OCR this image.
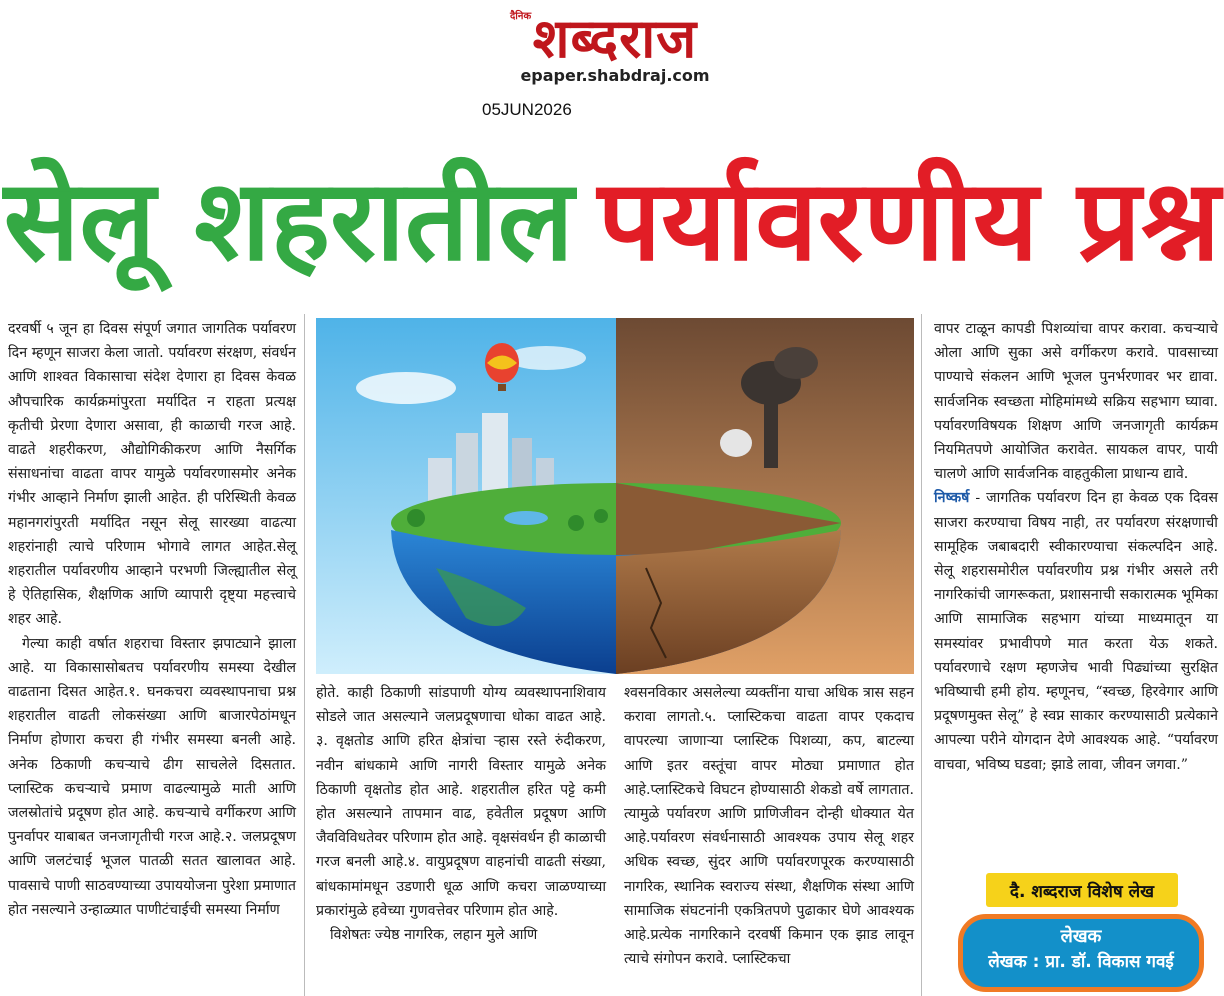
दैनिक शब्दराज
epaper.shabdraj.com
05JUN2026
सेलू शहरातील पर्यावरणीय प्रश्न

दरवर्षी ५ जून हा दिवस संपूर्ण जगात जागतिक पर्यावरण दिन म्हणून साजरा केला जातो. पर्यावरण संरक्षण, संवर्धन आणि शाश्वत विकासाचा संदेश देणारा हा दिवस केवळ औपचारिक कार्यक्रमांपुरता मर्यादित न राहता प्रत्यक्ष कृतीची प्रेरणा देणारा असावा, ही काळाची गरज आहे. वाढते शहरीकरण, औद्योगिकीकरण आणि नैसर्गिक संसाधनांचा वाढता वापर यामुळे पर्यावरणासमोर अनेक गंभीर आव्हाने निर्माण झाली आहेत. ही परिस्थिती केवळ महानगरांपुरती मर्यादित नसून सेलू सारख्या वाढत्या शहरांनाही त्याचे परिणाम भोगावे लागत आहेत.सेलू शहरातील पर्यावरणीय आव्हाने परभणी जिल्ह्यातील सेलू हे ऐतिहासिक, शैक्षणिक आणि व्यापारी दृष्ट्या महत्त्वाचे शहर आहे.

गेल्या काही वर्षात शहराचा विस्तार झपाट्याने झाला आहे. या विकासासोबतच पर्यावरणीय समस्या देखील वाढताना दिसत आहेत.१. घनकचरा व्यवस्थापनाचा प्रश्न शहरातील वाढती लोकसंख्या आणि बाजारपेठांमधून निर्माण होणारा कचरा ही गंभीर समस्या बनली आहे. अनेक ठिकाणी कचऱ्याचे ढीग साचलेले दिसतात. प्लास्टिक कचऱ्याचे प्रमाण वाढल्यामुळे माती आणि जलस्रोतांचे प्रदूषण होत आहे. कचऱ्याचे वर्गीकरण आणि पुनर्वापर याबाबत जनजागृतीची गरज आहे.२. जलप्रदूषण आणि जलटंचाई भूजल पातळी सतत खालावत आहे. पावसाचे पाणी साठवण्याच्या उपाययोजना पुरेशा प्रमाणात होत नसल्याने उन्हाळ्यात पाणीटंचाईची समस्या निर्माण

होते. काही ठिकाणी सांडपाणी योग्य व्यवस्थापनाशिवाय सोडले जात असल्याने जलप्रदूषणाचा धोका वाढत आहे. ३. वृक्षतोड आणि हरित क्षेत्रांचा ऱ्हास रस्ते रुंदीकरण, नवीन बांधकामे आणि नागरी विस्तार यामुळे अनेक ठिकाणी वृक्षतोड होत आहे. शहरातील हरित पट्टे कमी होत असल्याने तापमान वाढ, हवेतील प्रदूषण आणि जैवविविधतेवर परिणाम होत आहे. वृक्षसंवर्धन ही काळाची गरज बनली आहे.४. वायुप्रदूषण वाहनांची वाढती संख्या, बांधकामांमधून उडणारी धूळ आणि कचरा जाळण्याच्या प्रकारांमुळे हवेच्या गुणवत्तेवर परिणाम होत आहे.

विशेषतः ज्येष्ठ नागरिक, लहान मुले आणि

श्वसनविकार असलेल्या व्यक्तींना याचा अधिक त्रास सहन करावा लागतो.५. प्लास्टिकचा वाढता वापर एकदाच वापरल्या जाणाऱ्या प्लास्टिक पिशव्या, कप, बाटल्या आणि इतर वस्तूंचा वापर मोठ्या प्रमाणात होत आहे.प्लास्टिकचे विघटन होण्यासाठी शेकडो वर्षे लागतात. त्यामुळे पर्यावरण आणि प्राणिजीवन दोन्ही धोक्यात येत आहे.पर्यावरण संवर्धनासाठी आवश्यक उपाय सेलू शहर अधिक स्वच्छ, सुंदर आणि पर्यावरणपूरक करण्यासाठी नागरिक, स्थानिक स्वराज्य संस्था, शैक्षणिक संस्था आणि सामाजिक संघटनांनी एकत्रितपणे पुढाकार घेणे आवश्यक आहे.प्रत्येक नागरिकाने दरवर्षी किमान एक झाड लावून त्याचे संगोपन करावे. प्लास्टिकचा

वापर टाळून कापडी पिशव्यांचा वापर करावा. कचऱ्याचे ओला आणि सुका असे वर्गीकरण करावे. पावसाच्या पाण्याचे संकलन आणि भूजल पुनर्भरणावर भर द्यावा. सार्वजनिक स्वच्छता मोहिमांमध्ये सक्रिय सहभाग घ्यावा. पर्यावरणविषयक शिक्षण आणि जनजागृती कार्यक्रम नियमितपणे आयोजित करावेत. सायकल वापर, पायी चालणे आणि सार्वजनिक वाहतुकीला प्राधान्य द्यावे.

निष्कर्ष - जागतिक पर्यावरण दिन हा केवळ एक दिवस साजरा करण्याचा विषय नाही, तर पर्यावरण संरक्षणाची सामूहिक जबाबदारी स्वीकारण्याचा संकल्पदिन आहे. सेलू शहरासमोरील पर्यावरणीय प्रश्न गंभीर असले तरी नागरिकांची जागरूकता, प्रशासनाची सकारात्मक भूमिका आणि सामाजिक सहभाग यांच्या माध्यमातून या समस्यांवर प्रभावीपणे मात करता येऊ शकते. पर्यावरणाचे रक्षण म्हणजेच भावी पिढ्यांच्या सुरक्षित भविष्याची हमी होय. म्हणूनच, “स्वच्छ, हिरवेगार आणि प्रदूषणमुक्त सेलू” हे स्वप्न साकार करण्यासाठी प्रत्येकाने आपल्या परीने योगदान देणे आवश्यक आहे. “पर्यावरण वाचवा, भविष्य घडवा; झाडे लावा, जीवन जगवा.”

दै. शब्दराज विशेष लेख
लेखक
लेखक : प्रा. डॉ. विकास गवई
